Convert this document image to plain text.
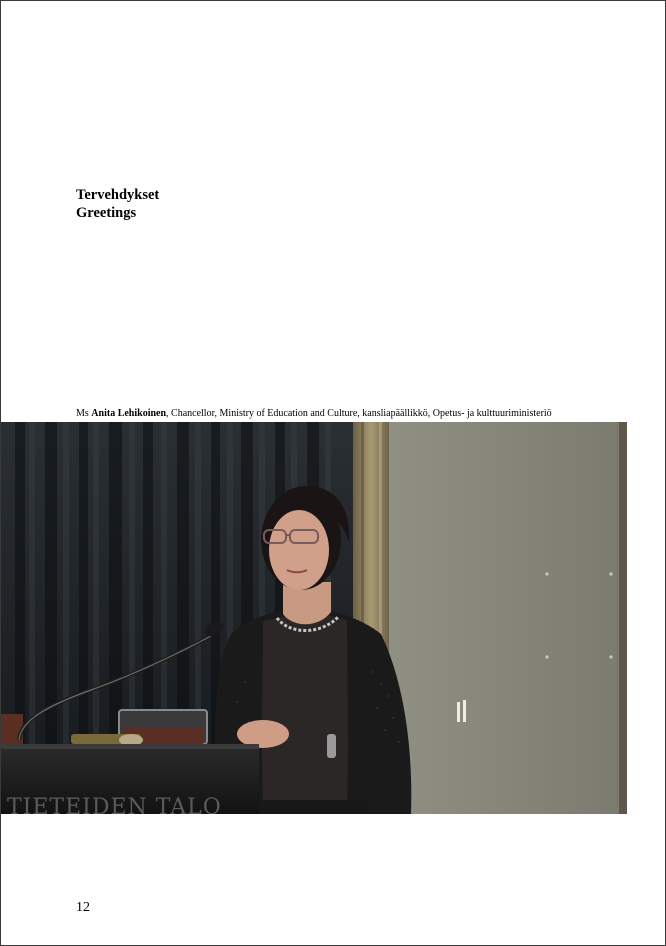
Tervehdykset
Greetings
Ms Anita Lehikoinen, Chancellor, Ministry of Education and Culture, kansliapäällikkö, Opetus- ja kulttuuriministeriö
TIETEIDEN TALO
12
